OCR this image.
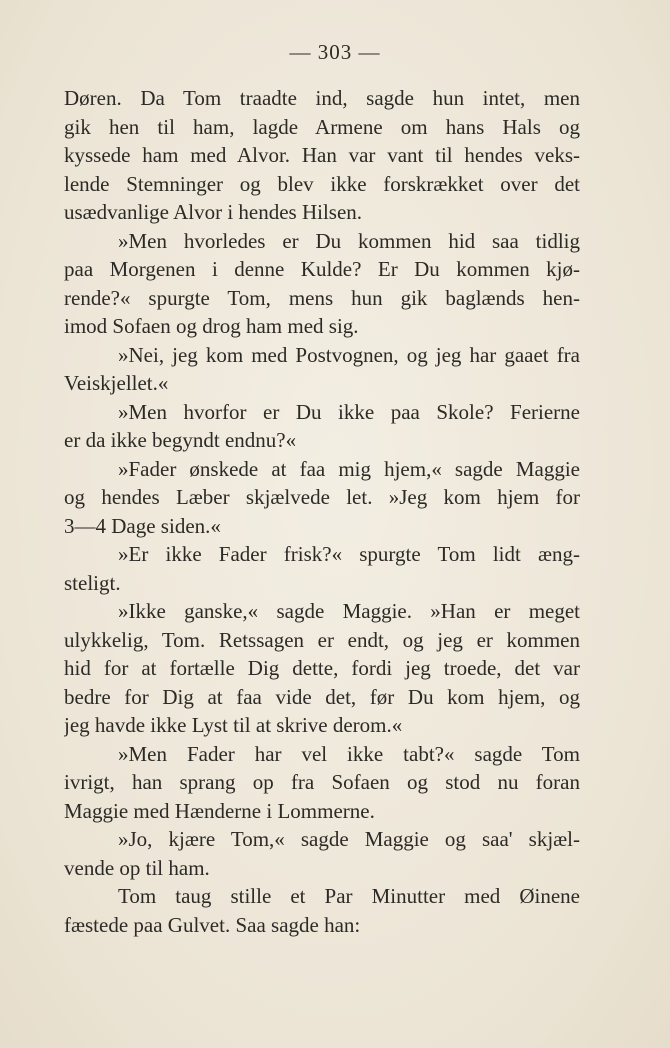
— 303 —
Døren. Da Tom traadte ind, sagde hun intet, men
gik hen til ham, lagde Armene om hans Hals og
kyssede ham med Alvor. Han var vant til hendes veks-
lende Stemninger og blev ikke forskrækket over det
usædvanlige Alvor i hendes Hilsen.
»Men hvorledes er Du kommen hid saa tidlig
paa Morgenen i denne Kulde? Er Du kommen kjø-
rende?« spurgte Tom, mens hun gik baglænds hen-
imod Sofaen og drog ham med sig.
»Nei, jeg kom med Postvognen, og jeg har gaaet fra
Veiskjellet.«
»Men hvorfor er Du ikke paa Skole? Ferierne
er da ikke begyndt endnu?«
»Fader ønskede at faa mig hjem,« sagde Maggie
og hendes Læber skjælvede let. »Jeg kom hjem for
3—4 Dage siden.«
»Er ikke Fader frisk?« spurgte Tom lidt æng-
steligt.
»Ikke ganske,« sagde Maggie. »Han er meget
ulykkelig, Tom. Retssagen er endt, og jeg er kommen
hid for at fortælle Dig dette, fordi jeg troede, det var
bedre for Dig at faa vide det, før Du kom hjem, og
jeg havde ikke Lyst til at skrive derom.«
»Men Fader har vel ikke tabt?« sagde Tom
ivrigt, han sprang op fra Sofaen og stod nu foran
Maggie med Hænderne i Lommerne.
»Jo, kjære Tom,« sagde Maggie og saa' skjæl-
vende op til ham.
Tom taug stille et Par Minutter med Øinene
fæstede paa Gulvet. Saa sagde han:
